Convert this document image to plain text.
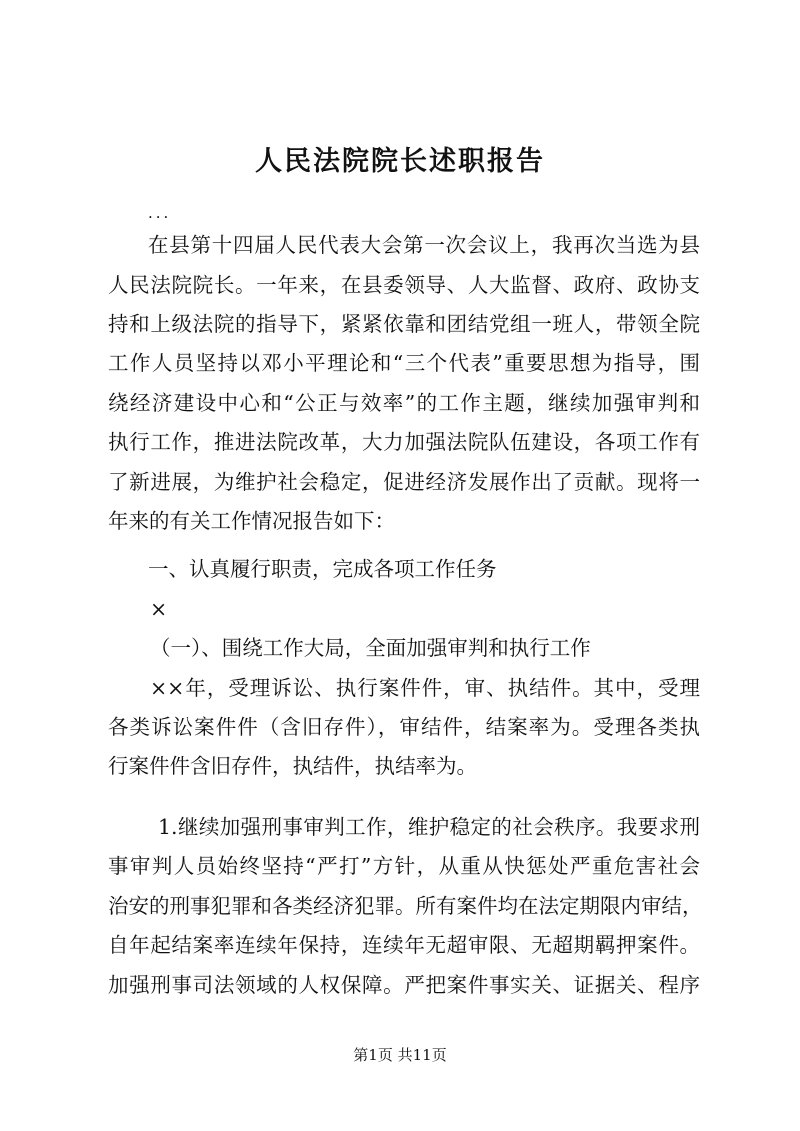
人民法院院长述职报告
...
在县第十四届人民代表大会第一次会议上，我再次当选为县
人民法院院长。一年来，在县委领导、人大监督、政府、政协支
持和上级法院的指导下，紧紧依靠和团结党组一班人，带领全院
工作人员坚持以邓小平理论和“三个代表”重要思想为指导，围
绕经济建设中心和“公正与效率”的工作主题，继续加强审判和
执行工作，推进法院改革，大力加强法院队伍建设，各项工作有
了新进展，为维护社会稳定，促进经济发展作出了贡献。现将一
年来的有关工作情况报告如下：
一、认真履行职责，完成各项工作任务
×
（一）、围绕工作大局，全面加强审判和执行工作
××年，受理诉讼、执行案件件，审、执结件。其中，受理
各类诉讼案件件（含旧存件），审结件，结案率为。受理各类执
行案件件含旧存件，执结件，执结率为。
1.继续加强刑事审判工作，维护稳定的社会秩序。我要求刑
事审判人员始终坚持“严打”方针，从重从快惩处严重危害社会
治安的刑事犯罪和各类经济犯罪。所有案件均在法定期限内审结，
自年起结案率连续年保持，连续年无超审限、无超期羁押案件。
加强刑事司法领域的人权保障。严把案件事实关、证据关、程序
第1页 共11页
